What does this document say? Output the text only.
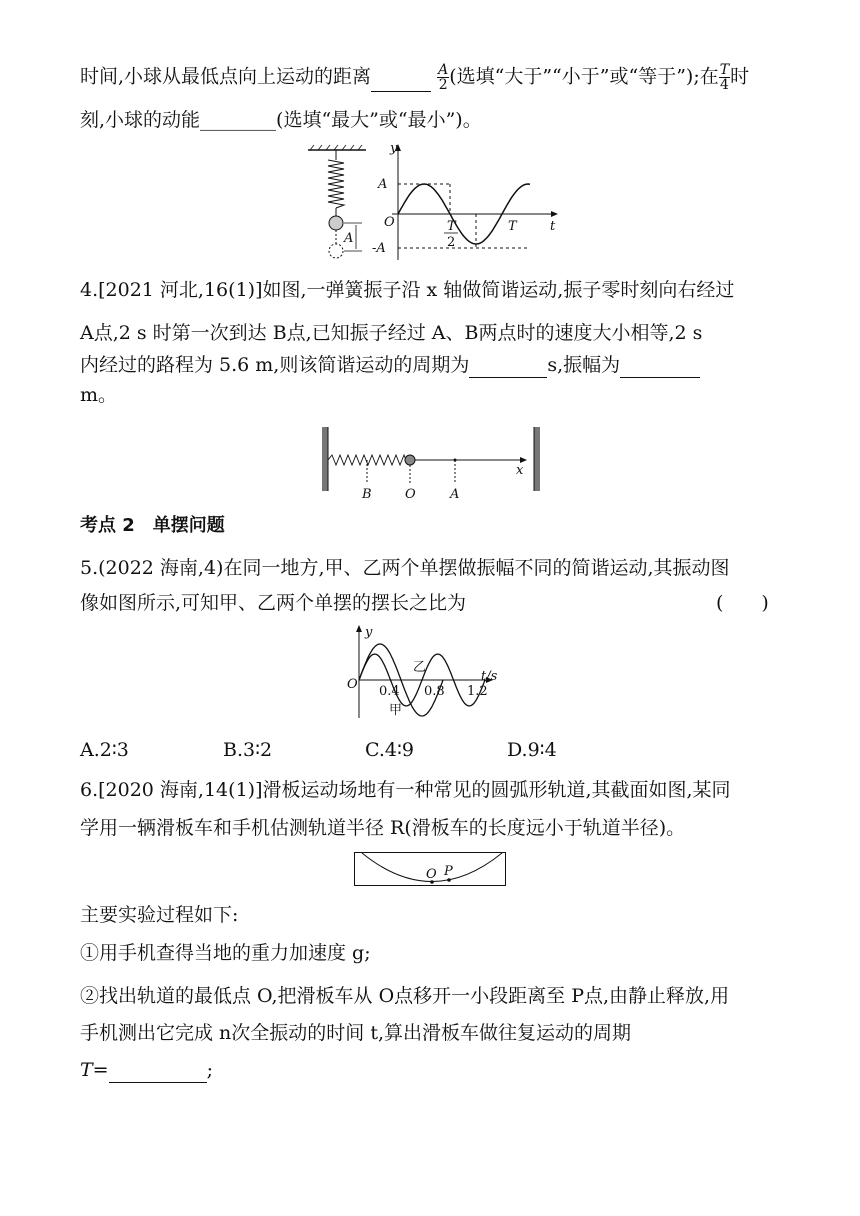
时间,小球从最低点向上运动的距离	$\frac{A}{2}$ (选填“大于”“小于”或“等于”);在 $\frac{T}{4}$ 时
刻,小球的动能________(选填“最大”或“最小”)。
A
y
A
-A
O	T
2
T	t
4.[2021 河北,16(1)]如图,一弹簧振子沿 x 轴做简谐运动,振子零时刻向右经过
A点,2 s 时第一次到达 B点,已知振子经过 A、B两点时的速度大小相等,2 s
内经过的路程为 5.6 m,则该简谐运动的周期为	s,振幅为
m。
B	O	A
x
考点 2　单摆问题
5.(2022 海南,4)在同一地方,甲、乙两个单摆做振幅不同的简谐运动,其振动图
像如图所示,可知甲、乙两个单摆的摆长之比为	(　　)
y
O 0.4 0.8 1.2
t/s
乙
甲
A.2∶3	B.3∶2	C.4∶9	D.9∶4
6.[2020 海南,14(1)]滑板运动场地有一种常见的圆弧形轨道,其截面如图,某同
学用一辆滑板车和手机估测轨道半径 R(滑板车的长度远小于轨道半径)。
O P
主要实验过程如下:
①用手机查得当地的重力加速度 g;
②找出轨道的最低点 O,把滑板车从 O点移开一小段距离至 P点,由静止释放,用
手机测出它完成 n次全振动的时间 t,算出滑板车做往复运动的周期
T=	;
